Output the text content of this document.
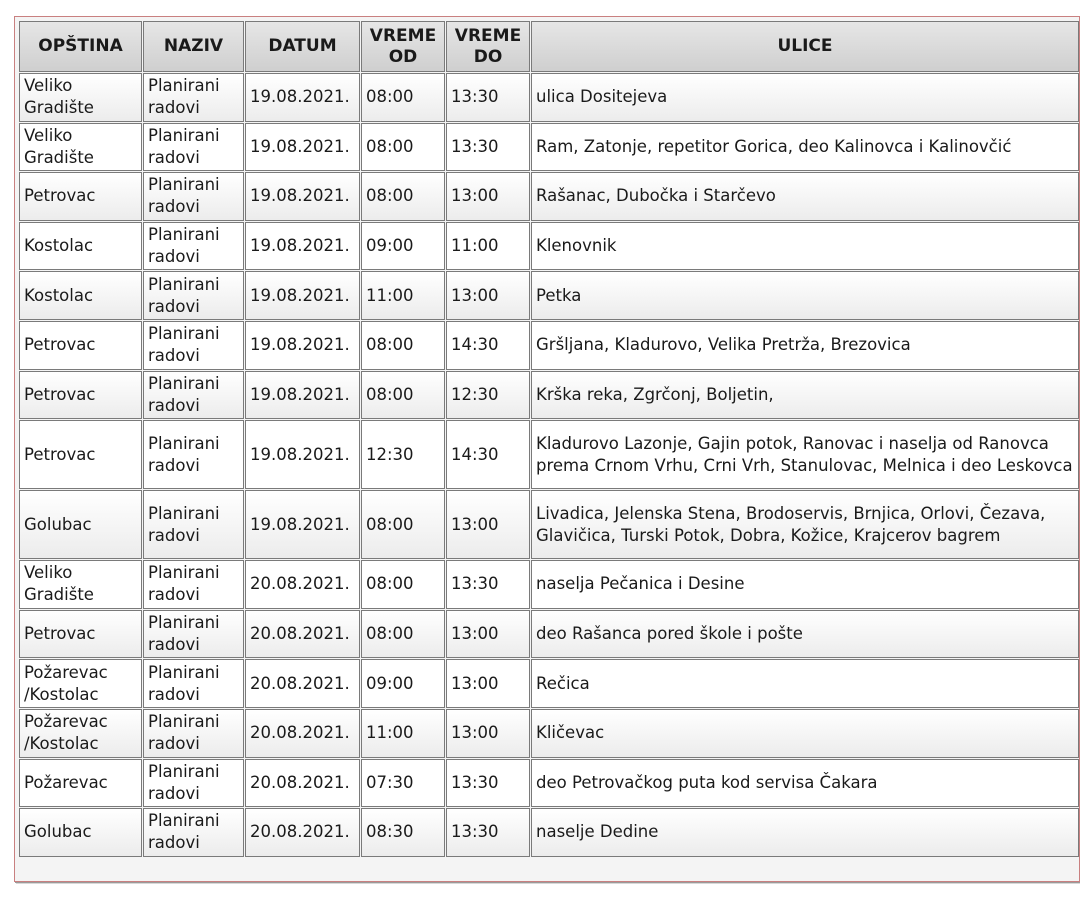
OPŠTINA	NAZIV	DATUM	VREME OD	VREME DO	ULICE
Veliko Gradište	Planirani radovi	19.08.2021.	08:00	13:30	ulica Dositejeva
Veliko Gradište	Planirani radovi	19.08.2021.	08:00	13:30	Ram, Zatonje, repetitor Gorica, deo Kalinovca i Kalinovčić
Petrovac	Planirani radovi	19.08.2021.	08:00	13:00	Rašanac, Dubočka i Starčevo
Kostolac	Planirani radovi	19.08.2021.	09:00	11:00	Klenovnik
Kostolac	Planirani radovi	19.08.2021.	11:00	13:00	Petka
Petrovac	Planirani radovi	19.08.2021.	08:00	14:30	Gršljana, Kladurovo, Velika Pretrža, Brezovica
Petrovac	Planirani radovi	19.08.2021.	08:00	12:30	Krška reka, Zgrčonj, Boljetin,
Petrovac	Planirani radovi	19.08.2021.	12:30	14:30	Kladurovo Lazonje, Gajin potok, Ranovac i naselja od Ranovca prema Crnom Vrhu, Crni Vrh, Stanulovac, Melnica i deo Leskovca
Golubac	Planirani radovi	19.08.2021.	08:00	13:00	Livadica, Jelenska Stena, Brodoservis, Brnjica, Orlovi, Čezava, Glavičica, Turski Potok, Dobra, Kožice, Krajcerov bagrem
Veliko Gradište	Planirani radovi	20.08.2021.	08:00	13:30	naselja Pečanica i Desine
Petrovac	Planirani radovi	20.08.2021.	08:00	13:00	deo Rašanca pored škole i pošte
Požarevac /Kostolac	Planirani radovi	20.08.2021.	09:00	13:00	Rečica
Požarevac /Kostolac	Planirani radovi	20.08.2021.	11:00	13:00	Kličevac
Požarevac	Planirani radovi	20.08.2021.	07:30	13:30	deo Petrovačkog puta kod servisa Čakara
Golubac	Planirani radovi	20.08.2021.	08:30	13:30	naselje Dedine
